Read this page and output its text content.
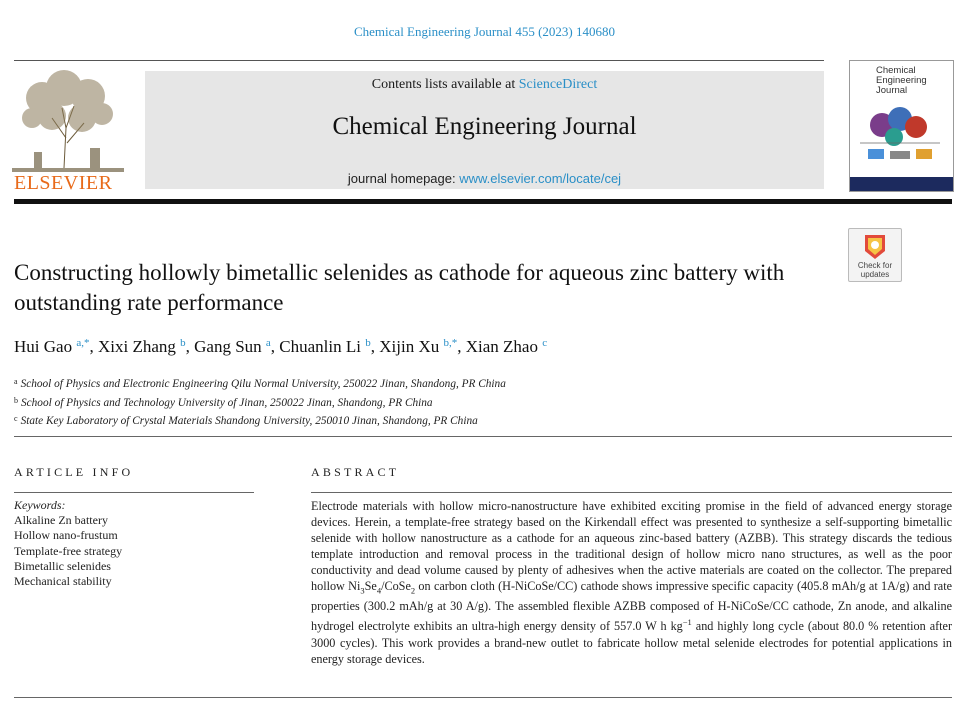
Chemical Engineering Journal 455 (2023) 140680
ELSEVIER
Contents lists available at ScienceDirect
Chemical Engineering Journal
journal homepage: www.elsevier.com/locate/cej
Chemical
Engineering
Journal
Check for
updates
Constructing hollowly bimetallic selenides as cathode for aqueous zinc battery with outstanding rate performance
Hui Gao $^{a,*}$, Xixi Zhang $^b$, Gang Sun $^a$, Chuanlin Li $^b$, Xijin Xu $^{b,*}$, Xian Zhao $^c$
$^a$ School of Physics and Electronic Engineering Qilu Normal University, 250022 Jinan, Shandong, PR China
$^b$ School of Physics and Technology University of Jinan, 250022 Jinan, Shandong, PR China
$^c$ State Key Laboratory of Crystal Materials Shandong University, 250010 Jinan, Shandong, PR China
ARTICLE INFO	ABSTRACT
Keywords:
Alkaline Zn battery
Hollow nano-frustum
Template-free strategy
Bimetallic selenides
Mechanical stability
Electrode materials with hollow micro-nanostructure have exhibited exciting promise in the field of advanced energy storage devices. Herein, a template-free strategy based on the Kirkendall effect was presented to synthesize a self-supporting bimetallic selenide with hollow nanostructure as a cathode for an aqueous zinc-based battery (AZBB). This strategy discards the tedious template introduction and removal process in the traditional design of hollow micro nano structures, as well as the poor conductivity and dead volume caused by plenty of adhesives when the active materials are coated on the collector. The prepared hollow $Ni_3Se_4/CoSe_2$ on carbon cloth (H-NiCoSe/CC) cathode shows impressive specific capacity (405.8 mAh/g at 1A/g) and rate properties (300.2 mAh/g at 30 A/g). The assembled flexible AZBB composed of H-NiCoSe/CC cathode, Zn anode, and alkaline hydrogel electrolyte exhibits an ultra-high energy density of 557.0 W h $kg^{-1}$ and highly long cycle (about 80.0 % retention after 3000 cycles). This work provides a brand-new outlet to fabricate hollow metal selenide electrodes for potential applications in energy storage devices.
